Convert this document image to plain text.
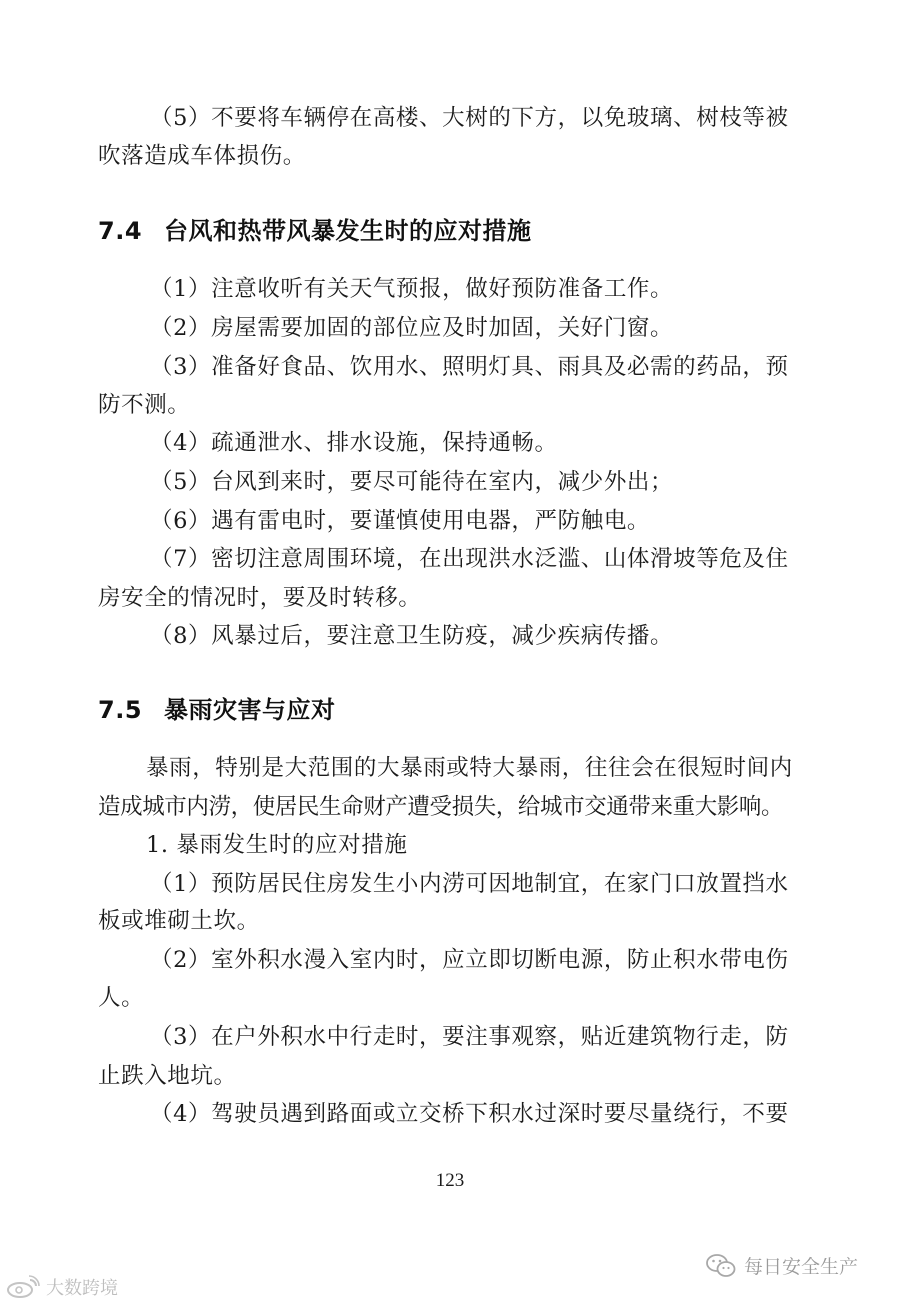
（5）不要将车辆停在高楼、大树的下方，以免玻璃、树枝等被
吹落造成车体损伤。
7.4 台风和热带风暴发生时的应对措施
（1）注意收听有关天气预报，做好预防准备工作。
（2）房屋需要加固的部位应及时加固，关好门窗。
（3）准备好食品、饮用水、照明灯具、雨具及必需的药品，预
防不测。
（4）疏通泄水、排水设施，保持通畅。
（5）台风到来时，要尽可能待在室内，减少外出；
（6）遇有雷电时，要谨慎使用电器，严防触电。
（7）密切注意周围环境，在出现洪水泛滥、山体滑坡等危及住
房安全的情况时，要及时转移。
（8）风暴过后，要注意卫生防疫，减少疾病传播。
7.5 暴雨灾害与应对
暴雨，特别是大范围的大暴雨或特大暴雨，往往会在很短时间内
造成城市内涝，使居民生命财产遭受损失，给城市交通带来重大影响。
1. 暴雨发生时的应对措施
（1）预防居民住房发生小内涝可因地制宜，在家门口放置挡水
板或堆砌土坎。
（2）室外积水漫入室内时，应立即切断电源，防止积水带电伤
人。
（3）在户外积水中行走时，要注事观察，贴近建筑物行走，防
止跌入地坑。
（4）驾驶员遇到路面或立交桥下积水过深时要尽量绕行，不要
123
大数跨境
每日安全生产
